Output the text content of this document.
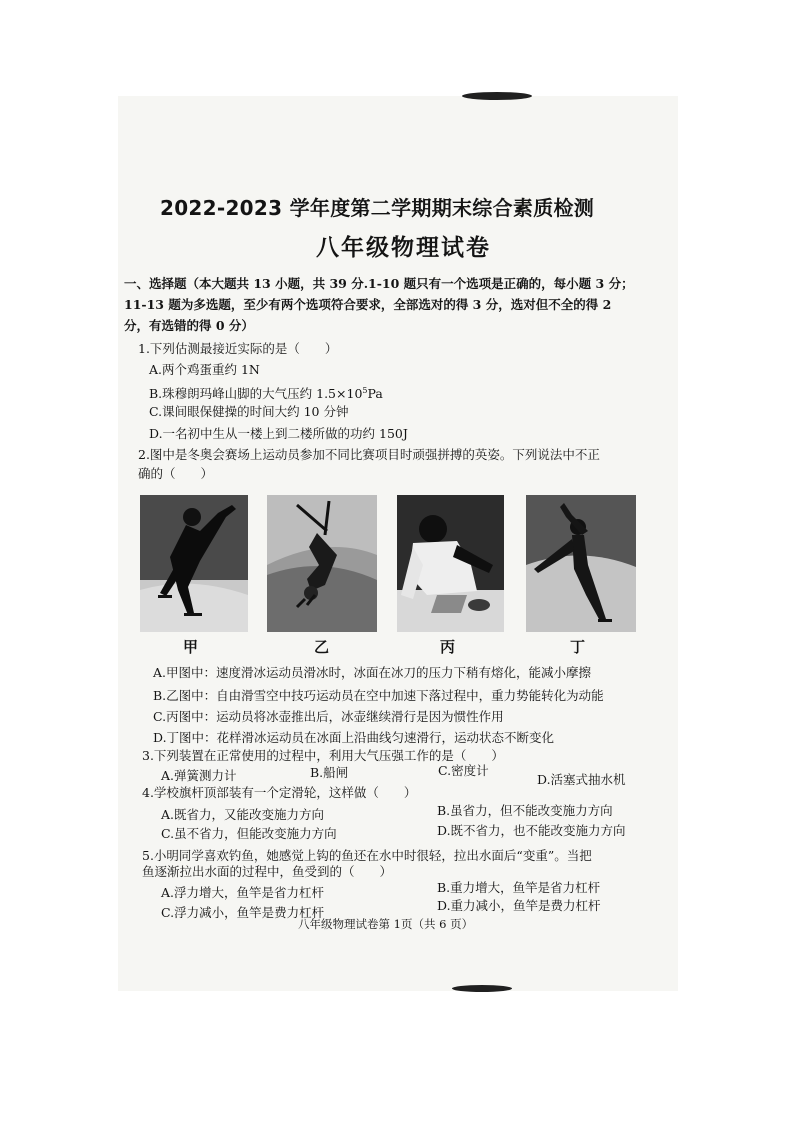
2022-2023 学年度第二学期期末综合素质检测
八年级物理试卷
一、选择题（本大题共 13 小题，共 39 分.1-10 题只有一个选项是正确的，每小题 3 分；
11-13 题为多选题，至少有两个选项符合要求，全部选对的得 3 分，选对但不全的得 2
分，有选错的得 0 分）
1.下列估测最接近实际的是（　　）
A.两个鸡蛋重约 1N
B.珠穆朗玛峰山脚的大气压约 $1.5\times 10^5Pa$
C.课间眼保健操的时间大约 10 分钟
D.一名初中生从一楼上到二楼所做的功约 150J
2.图中是冬奥会赛场上运动员参加不同比赛项目时顽强拼搏的英姿。下列说法中不正
确的（　　）
甲	乙	丙	丁
A.甲图中：速度滑冰运动员滑冰时，冰面在冰刀的压力下稍有熔化，能减小摩擦
B.乙图中：自由滑雪空中技巧运动员在空中加速下落过程中，重力势能转化为动能
C.丙图中：运动员将冰壶推出后，冰壶继续滑行是因为惯性作用
D.丁图中：花样滑冰运动员在冰面上沿曲线匀速滑行，运动状态不断变化
3.下列装置在正常使用的过程中，利用大气压强工作的是（　　）
A.弹簧测力计	B.船闸	C.密度计
D.活塞式抽水机
4.学校旗杆顶部装有一个定滑轮，这样做（　　）
A.既省力，又能改变施力方向	B.虽省力，但不能改变施力方向
C.虽不省力，但能改变施力方向	D.既不省力，也不能改变施力方向
5.小明同学喜欢钓鱼，她感觉上钩的鱼还在水中时很轻，拉出水面后“变重”。当把
鱼逐渐拉出水面的过程中，鱼受到的（　　）
A.浮力增大，鱼竿是省力杠杆	B.重力增大，鱼竿是省力杠杆
C.浮力减小，鱼竿是费力杠杆	D.重力减小，鱼竿是费力杠杆
八年级物理试卷第 1页（共 6 页）
